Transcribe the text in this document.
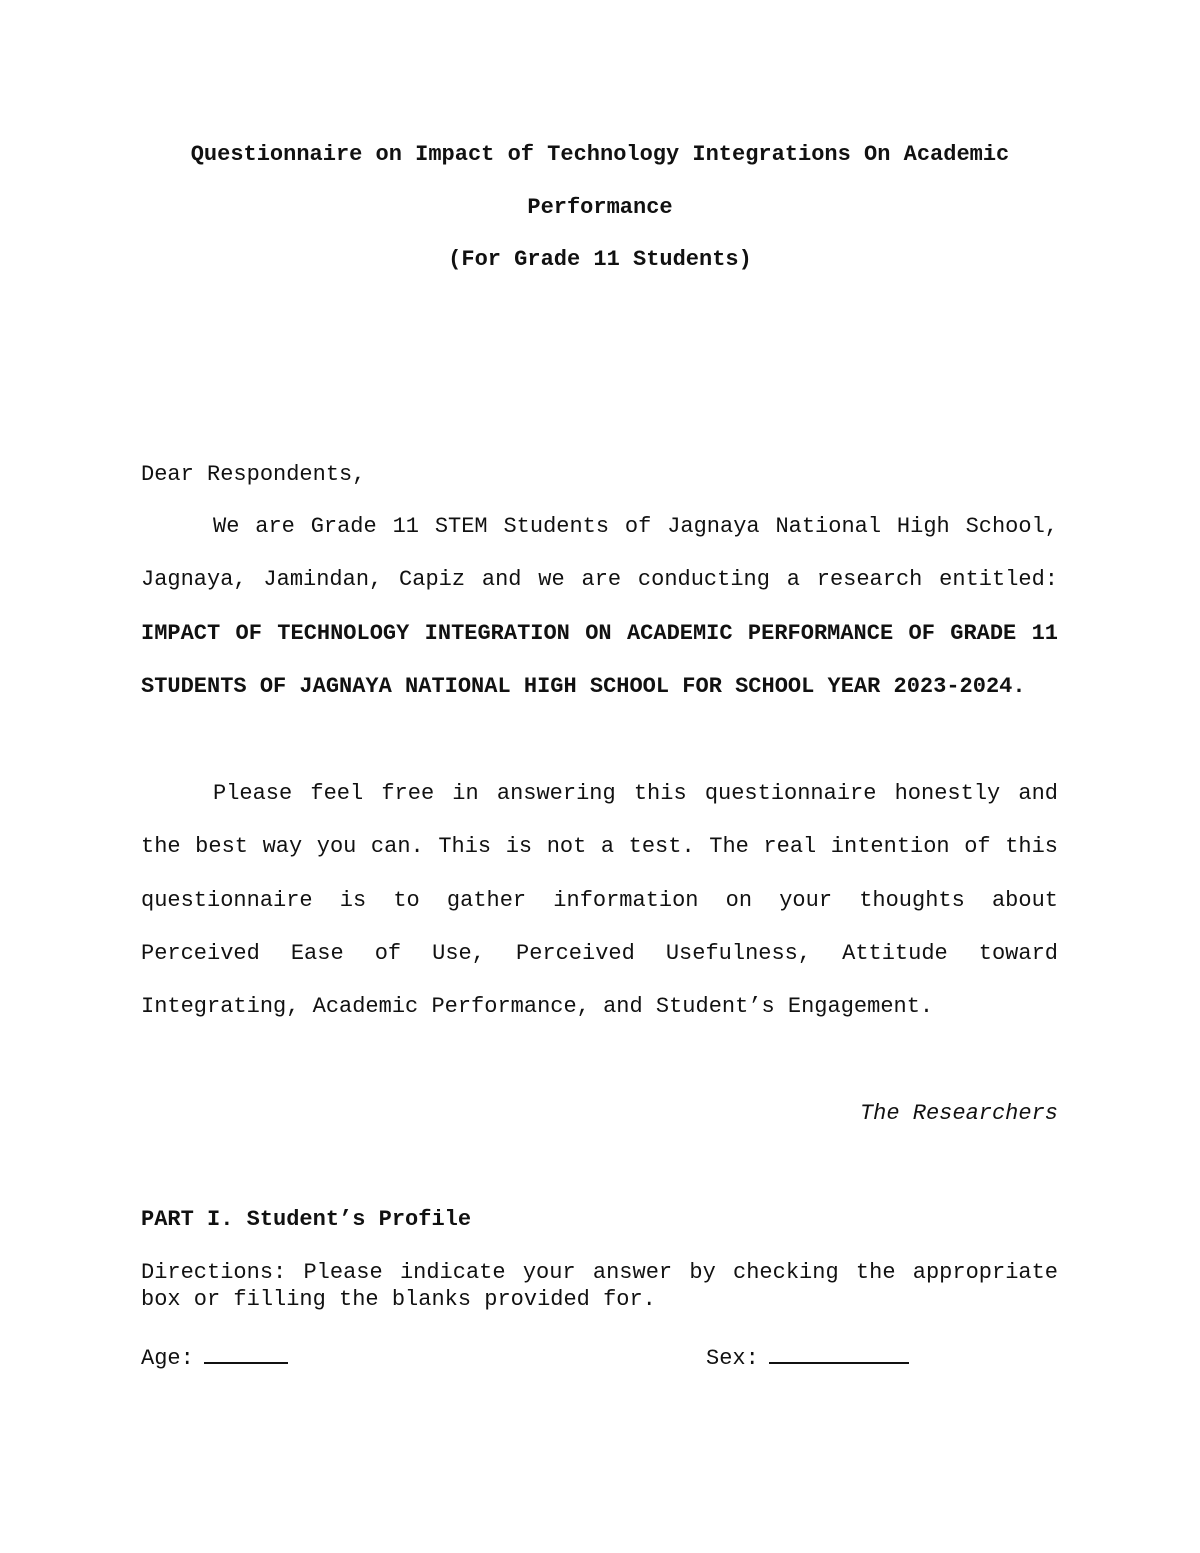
Questionnaire on Impact of Technology Integrations On Academic
Performance
(For Grade 11 Students)
Dear Respondents,
We are Grade 11 STEM Students of Jagnaya National High School, Jagnaya, Jamindan, Capiz and we are conducting a research entitled: IMPACT OF TECHNOLOGY INTEGRATION ON ACADEMIC PERFORMANCE OF GRADE 11 STUDENTS OF JAGNAYA NATIONAL HIGH SCHOOL FOR SCHOOL YEAR 2023-2024.
Please feel free in answering this questionnaire honestly and the best way you can. This is not a test. The real intention of this questionnaire is to gather information on your thoughts about Perceived Ease of Use, Perceived Usefulness, Attitude toward Integrating, Academic Performance, and Student’s Engagement.
The Researchers
PART I. Student’s Profile
Directions: Please indicate your answer by checking the appropriate box or filling the blanks provided for.
Age:	Sex:
